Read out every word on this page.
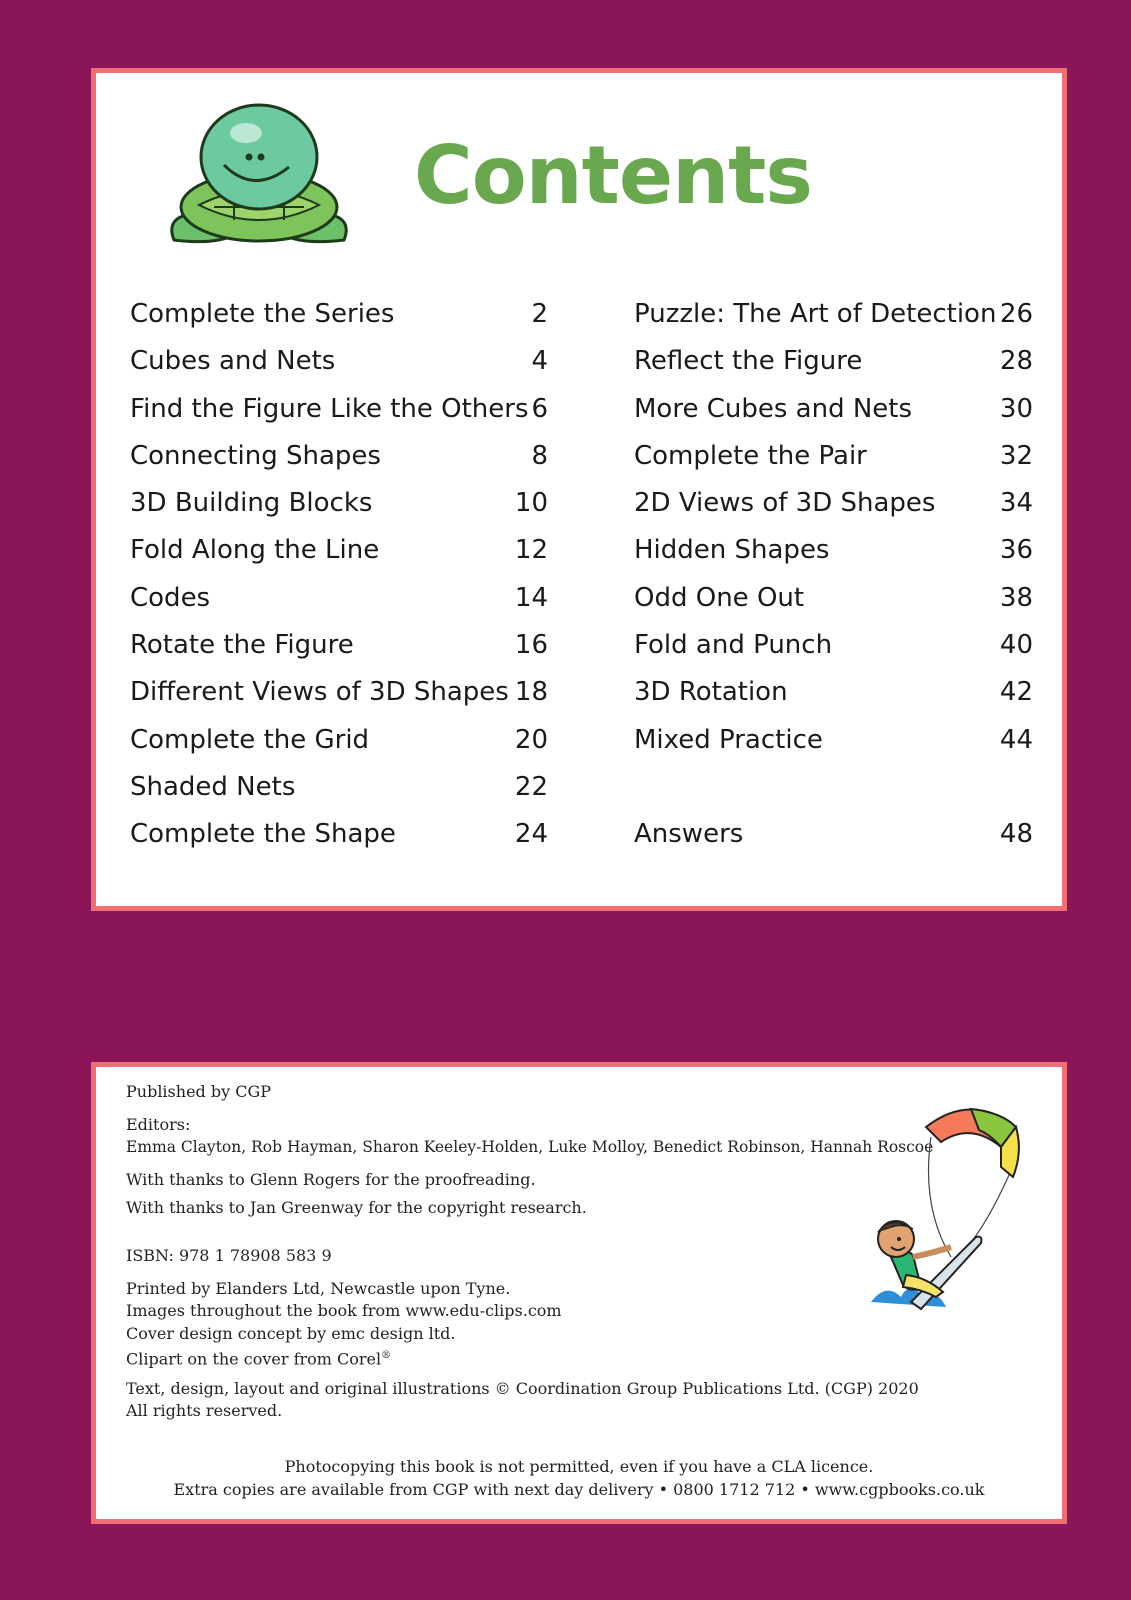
Contents
Complete the Series	2
Cubes and Nets	4
Find the Figure Like the Others 6
Connecting Shapes	8
3D Building Blocks	10
Fold Along the Line	12
Codes	14
Rotate the Figure	16
Different Views of 3D Shapes 18
Complete the Grid	20
Shaded Nets	22
Complete the Shape	24
Puzzle: The Art of Detection 26
Reflect the Figure	28
More Cubes and Nets	30
Complete the Pair	32
2D Views of 3D Shapes 34
Hidden Shapes	36
Odd One Out	38
Fold and Punch	40
3D Rotation	42
Mixed Practice	44
Answers	48
Published by CGP
Editors:
Emma Clayton, Rob Hayman, Sharon Keeley-Holden, Luke Molloy, Benedict Robinson, Hannah Roscoe
With thanks to Glenn Rogers for the proofreading.
With thanks to Jan Greenway for the copyright research.
ISBN: 978 1 78908 583 9
Printed by Elanders Ltd, Newcastle upon Tyne.
Images throughout the book from www.edu-clips.com
Cover design concept by emc design ltd.
Clipart on the cover from Corel®
Text, design, layout and original illustrations © Coordination Group Publications Ltd. (CGP) 2020
All rights reserved.
Photocopying this book is not permitted, even if you have a CLA licence.
Extra copies are available from CGP with next day delivery • 0800 1712 712 • www.cgpbooks.co.uk
